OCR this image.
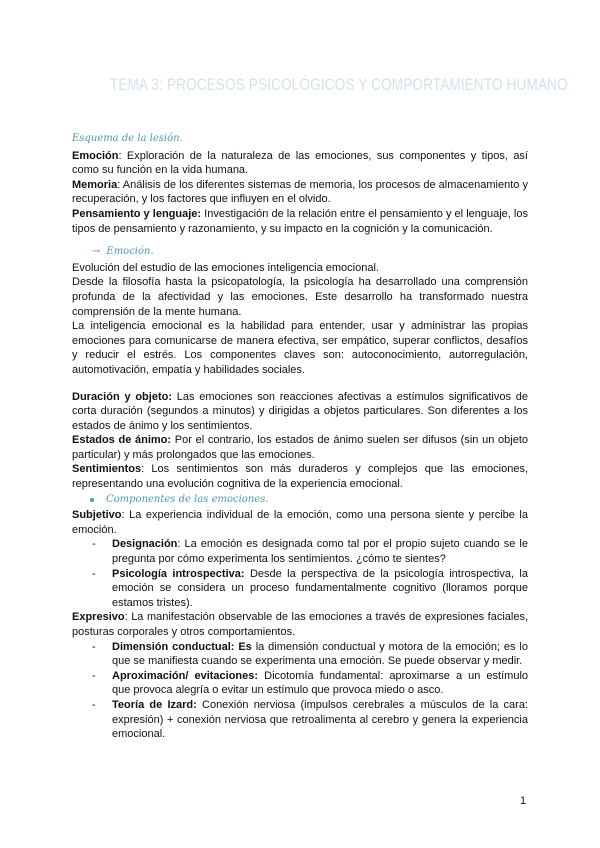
TEMA 3: PROCESOS PSICOLÓGICOS Y COMPORTAMIENTO HUMANO
Esquema de la lesión.

Emoción: Exploración de la naturaleza de las emociones, sus componentes y tipos, así como su función en la vida humana.

Memoria: Análisis de los diferentes sistemas de memoria, los procesos de almacenamiento y recuperación, y los factores que influyen en el olvido.

Pensamiento y lenguaje: Investigación de la relación entre el pensamiento y el lenguaje, los tipos de pensamiento y razonamiento, y su impacto en la cognición y la comunicación.

→ Emoción.

Evolución del estudio de las emociones inteligencia emocional.

Desde la filosofía hasta la psicopatología, la psicología ha desarrollado una comprensión profunda de la afectividad y las emociones. Este desarrollo ha transformado nuestra comprensión de la mente humana.

La inteligencia emocional es la habilidad para entender, usar y administrar las propias emociones para comunicarse de manera efectiva, ser empático, superar conflictos, desafíos y reducir el estrés. Los componentes claves son: autoconocimiento, autorregulación, automotivación, empatía y habilidades sociales.

Duración y objeto: Las emociones son reacciones afectivas a estímulos significativos de corta duración (segundos a minutos) y dirigidas a objetos particulares. Son diferentes a los estados de ánimo y los sentimientos.

Estados de ánimo: Por el contrario, los estados de ánimo suelen ser difusos (sin un objeto particular) y más prolongados que las emociones.

Sentimientos: Los sentimientos son más duraderos y complejos que las emociones, representando una evolución cognitiva de la experiencia emocional.

Componentes de las emociones.

Subjetivo: La experiencia individual de la emoción, como una persona siente y percibe la emoción.

-	Designación: La emoción es designada como tal por el propio sujeto cuando se le pregunta por cómo experimenta los sentimientos. ¿cómo te sientes?

-	Psicología introspectiva: Desde la perspectiva de la psicología introspectiva, la emoción se considera un proceso fundamentalmente cognitivo (lloramos porque estamos tristes).

Expresivo: La manifestación observable de las emociones a través de expresiones faciales, posturas corporales y otros comportamientos.

-	Dimensión conductual: Es la dimensión conductual y motora de la emoción; es lo que se manifiesta cuando se experimenta una emoción. Se puede observar y medir.

-	Aproximación/ evitaciones: Dicotomía fundamental: aproximarse a un estímulo que provoca alegría o evitar un estímulo que provoca miedo o asco.

-	Teoría de Izard: Conexión nerviosa (impulsos cerebrales a músculos de la cara: expresión) + conexión nerviosa que retroalimenta al cerebro y genera la experiencia emocional.

1
